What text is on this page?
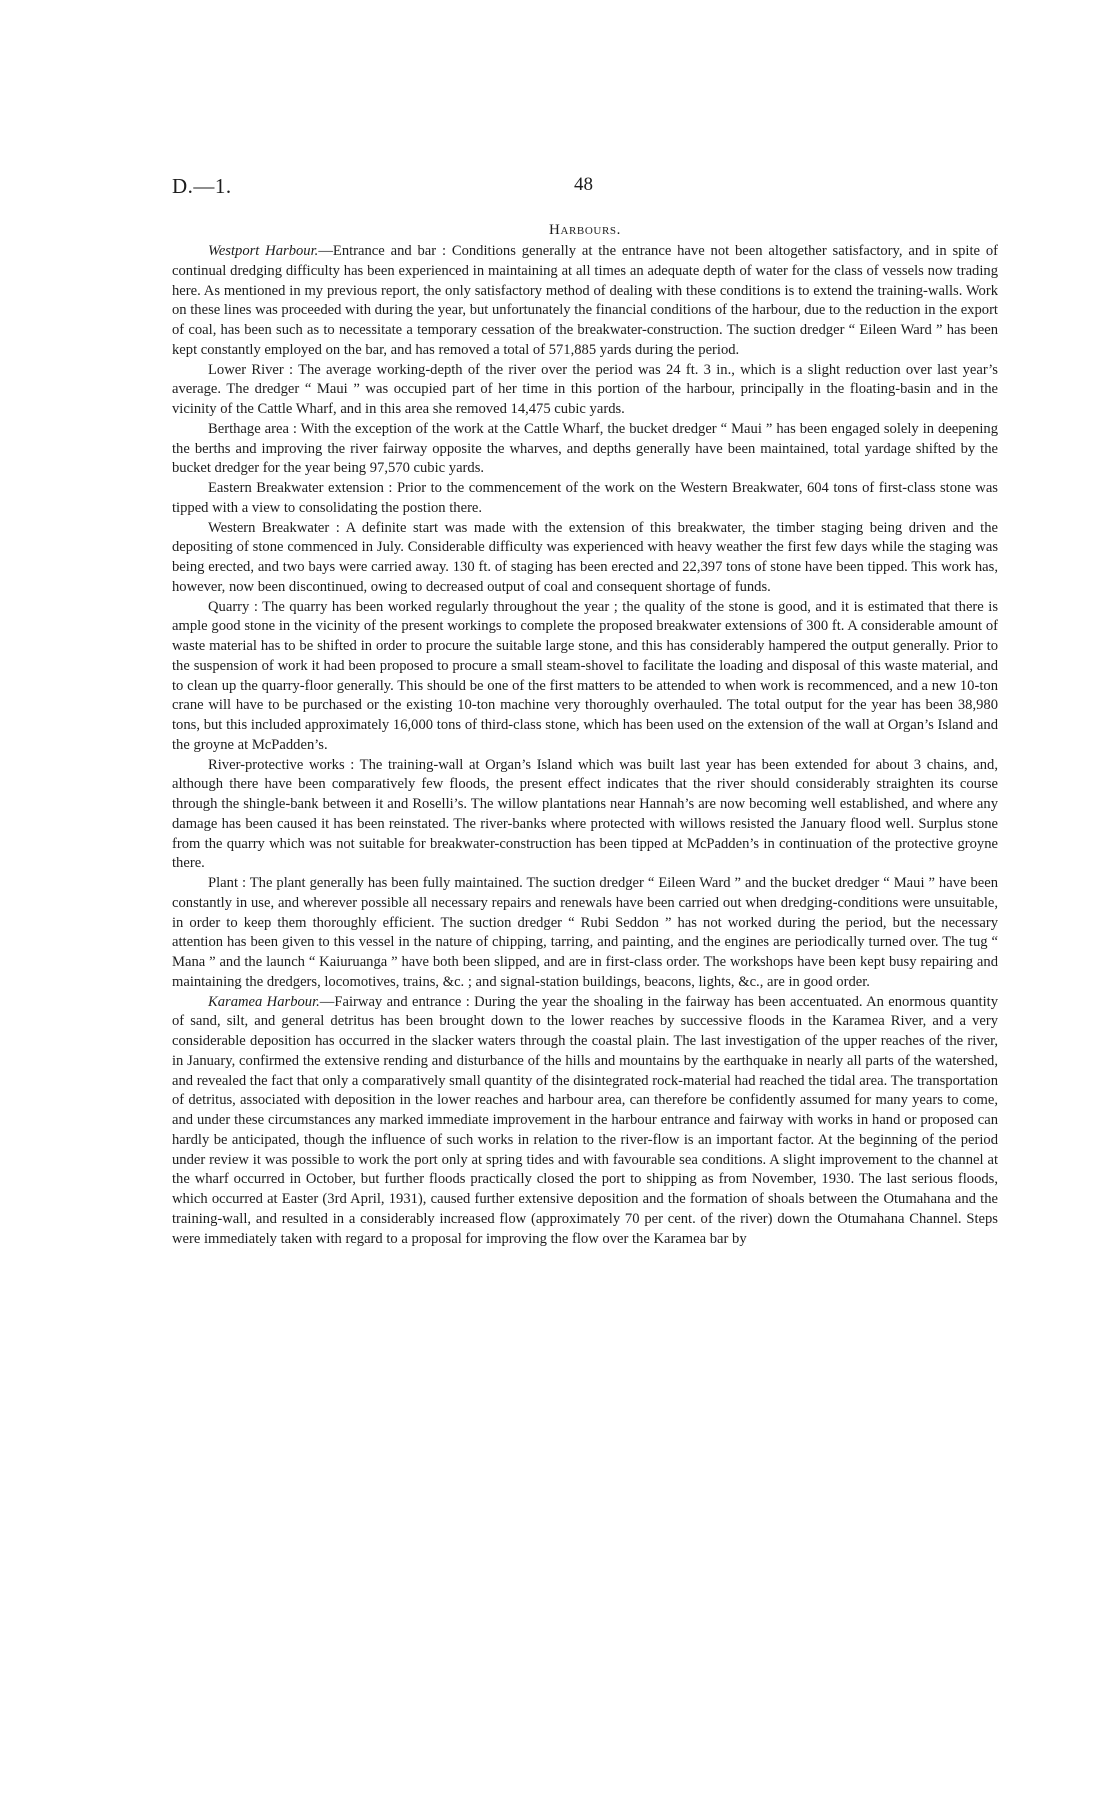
D.—1.	48
Harbours.

Westport Harbour.—Entrance and bar : Conditions generally at the entrance have not been altogether satisfactory, and in spite of continual dredging difficulty has been experienced in maintaining at all times an adequate depth of water for the class of vessels now trading here. As mentioned in my previous report, the only satisfactory method of dealing with these conditions is to extend the training-walls. Work on these lines was proceeded with during the year, but unfortunately the financial conditions of the harbour, due to the reduction in the export of coal, has been such as to necessitate a temporary cessation of the breakwater-construction. The suction dredger “ Eileen Ward ” has been kept constantly employed on the bar, and has removed a total of 571,885 yards during the period.

Lower River : The average working-depth of the river over the period was 24 ft. 3 in., which is a slight reduction over last year’s average. The dredger “ Maui ” was occupied part of her time in this portion of the harbour, principally in the floating-basin and in the vicinity of the Cattle Wharf, and in this area she removed 14,475 cubic yards.

Berthage area : With the exception of the work at the Cattle Wharf, the bucket dredger “ Maui ” has been engaged solely in deepening the berths and improving the river fairway opposite the wharves, and depths generally have been maintained, total yardage shifted by the bucket dredger for the year being 97,570 cubic yards.

Eastern Breakwater extension : Prior to the commencement of the work on the Western Breakwater, 604 tons of first-class stone was tipped with a view to consolidating the postion there.

Western Breakwater : A definite start was made with the extension of this breakwater, the timber staging being driven and the depositing of stone commenced in July. Considerable difficulty was experienced with heavy weather the first few days while the staging was being erected, and two bays were carried away. 130 ft. of staging has been erected and 22,397 tons of stone have been tipped. This work has, however, now been discontinued, owing to decreased output of coal and consequent shortage of funds.

Quarry : The quarry has been worked regularly throughout the year ; the quality of the stone is good, and it is estimated that there is ample good stone in the vicinity of the present workings to complete the proposed breakwater extensions of 300 ft. A considerable amount of waste material has to be shifted in order to procure the suitable large stone, and this has considerably hampered the output generally. Prior to the suspension of work it had been proposed to procure a small steam-shovel to facilitate the loading and disposal of this waste material, and to clean up the quarry-floor generally. This should be one of the first matters to be attended to when work is recommenced, and a new 10-ton crane will have to be purchased or the existing 10-ton machine very thoroughly overhauled. The total output for the year has been 38,980 tons, but this included approximately 16,000 tons of third-class stone, which has been used on the extension of the wall at Organ’s Island and the groyne at McPadden’s.

River-protective works : The training-wall at Organ’s Island which was built last year has been extended for about 3 chains, and, although there have been comparatively few floods, the present effect indicates that the river should considerably straighten its course through the shingle-bank between it and Roselli’s. The willow plantations near Hannah’s are now becoming well established, and where any damage has been caused it has been reinstated. The river-banks where protected with willows resisted the January flood well. Surplus stone from the quarry which was not suitable for breakwater-construction has been tipped at McPadden’s in continuation of the protective groyne there.

Plant : The plant generally has been fully maintained. The suction dredger “ Eileen Ward ” and the bucket dredger “ Maui ” have been constantly in use, and wherever possible all necessary repairs and renewals have been carried out when dredging-conditions were unsuitable, in order to keep them thoroughly efficient. The suction dredger “ Rubi Seddon ” has not worked during the period, but the necessary attention has been given to this vessel in the nature of chipping, tarring, and painting, and the engines are periodically turned over. The tug “ Mana ” and the launch “ Kaiuruanga ” have both been slipped, and are in first-class order. The workshops have been kept busy repairing and maintaining the dredgers, locomotives, trains, &c. ; and signal-station buildings, beacons, lights, &c., are in good order.

Karamea Harbour.—Fairway and entrance : During the year the shoaling in the fairway has been accentuated. An enormous quantity of sand, silt, and general detritus has been brought down to the lower reaches by successive floods in the Karamea River, and a very considerable deposition has occurred in the slacker waters through the coastal plain. The last investigation of the upper reaches of the river, in January, confirmed the extensive rending and disturbance of the hills and mountains by the earthquake in nearly all parts of the watershed, and revealed the fact that only a comparatively small quantity of the disintegrated rock-material had reached the tidal area. The transportation of detritus, associated with deposition in the lower reaches and harbour area, can therefore be confidently assumed for many years to come, and under these circumstances any marked immediate improvement in the harbour entrance and fairway with works in hand or proposed can hardly be anticipated, though the influence of such works in relation to the river-flow is an important factor. At the beginning of the period under review it was possible to work the port only at spring tides and with favourable sea conditions. A slight improvement to the channel at the wharf occurred in October, but further floods practically closed the port to shipping as from November, 1930. The last serious floods, which occurred at Easter (3rd April, 1931), caused further extensive deposition and the formation of shoals between the Otumahana and the training-wall, and resulted in a considerably increased flow (approximately 70 per cent. of the river) down the Otumahana Channel. Steps were immediately taken with regard to a proposal for improving the flow over the Karamea bar by
